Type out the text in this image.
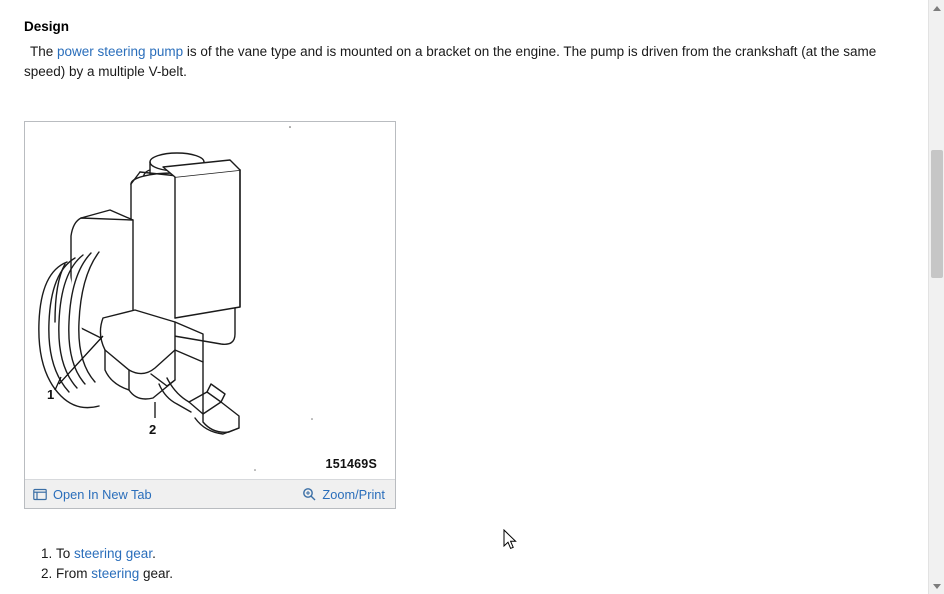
Design

The power steering pump is of the vane type and is mounted on a bracket on the engine. The pump is driven from the crankshaft (at the same speed) by a multiple V-belt.

1
2
151469S
Open In New Tab	Zoom/Print
1. To steering gear.
2. From steering gear.
